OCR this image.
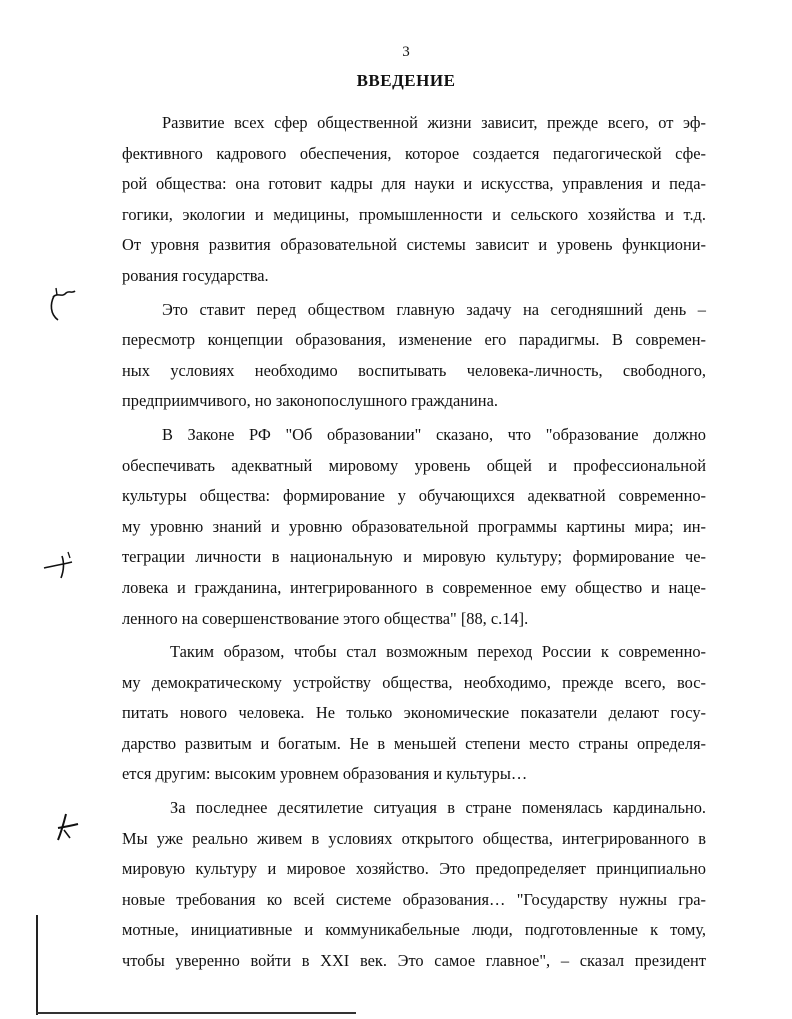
3
ВВЕДЕНИЕ

Развитие всех сфер общественной жизни зависит, прежде всего, от эф-
фективного кадрового обеспечения, которое создается педагогической сфе-
рой общества: она готовит кадры для науки и искусства, управления и педа-
гогики, экологии и медицины, промышленности и сельского хозяйства и т.д.
От уровня развития образовательной системы зависит и уровень функциони-
рования государства.

Это ставит перед обществом главную задачу на сегодняшний день –
пересмотр концепции образования, изменение его парадигмы. В современ-
ных условиях необходимо воспитывать человека-личность, свободного,
предприимчивого, но законопослушного гражданина.

В Законе РФ "Об образовании" сказано, что "образование должно
обеспечивать адекватный мировому уровень общей и профессиональной
культуры общества: формирование у обучающихся адекватной современно-
му уровню знаний и уровню образовательной программы картины мира; ин-
теграции личности в национальную и мировую культуру; формирование че-
ловека и гражданина, интегрированного в современное ему общество и наце-
ленного на совершенствование этого общества" [88, с.14].

Таким образом, чтобы стал возможным переход России к современно-
му демократическому устройству общества, необходимо, прежде всего, вос-
питать нового человека. Не только экономические показатели делают госу-
дарство развитым и богатым. Не в меньшей степени место страны определя-
ется другим: высоким уровнем образования и культуры…

За последнее десятилетие ситуация в стране поменялась кардинально.
Мы уже реально живем в условиях открытого общества, интегрированного в
мировую культуру и мировое хозяйство. Это предопределяет принципиально
новые требования ко всей системе образования… "Государству нужны гра-
мотные, инициативные и коммуникабельные люди, подготовленные к тому,
чтобы уверенно войти в XXI век. Это самое главное", – сказал президент
